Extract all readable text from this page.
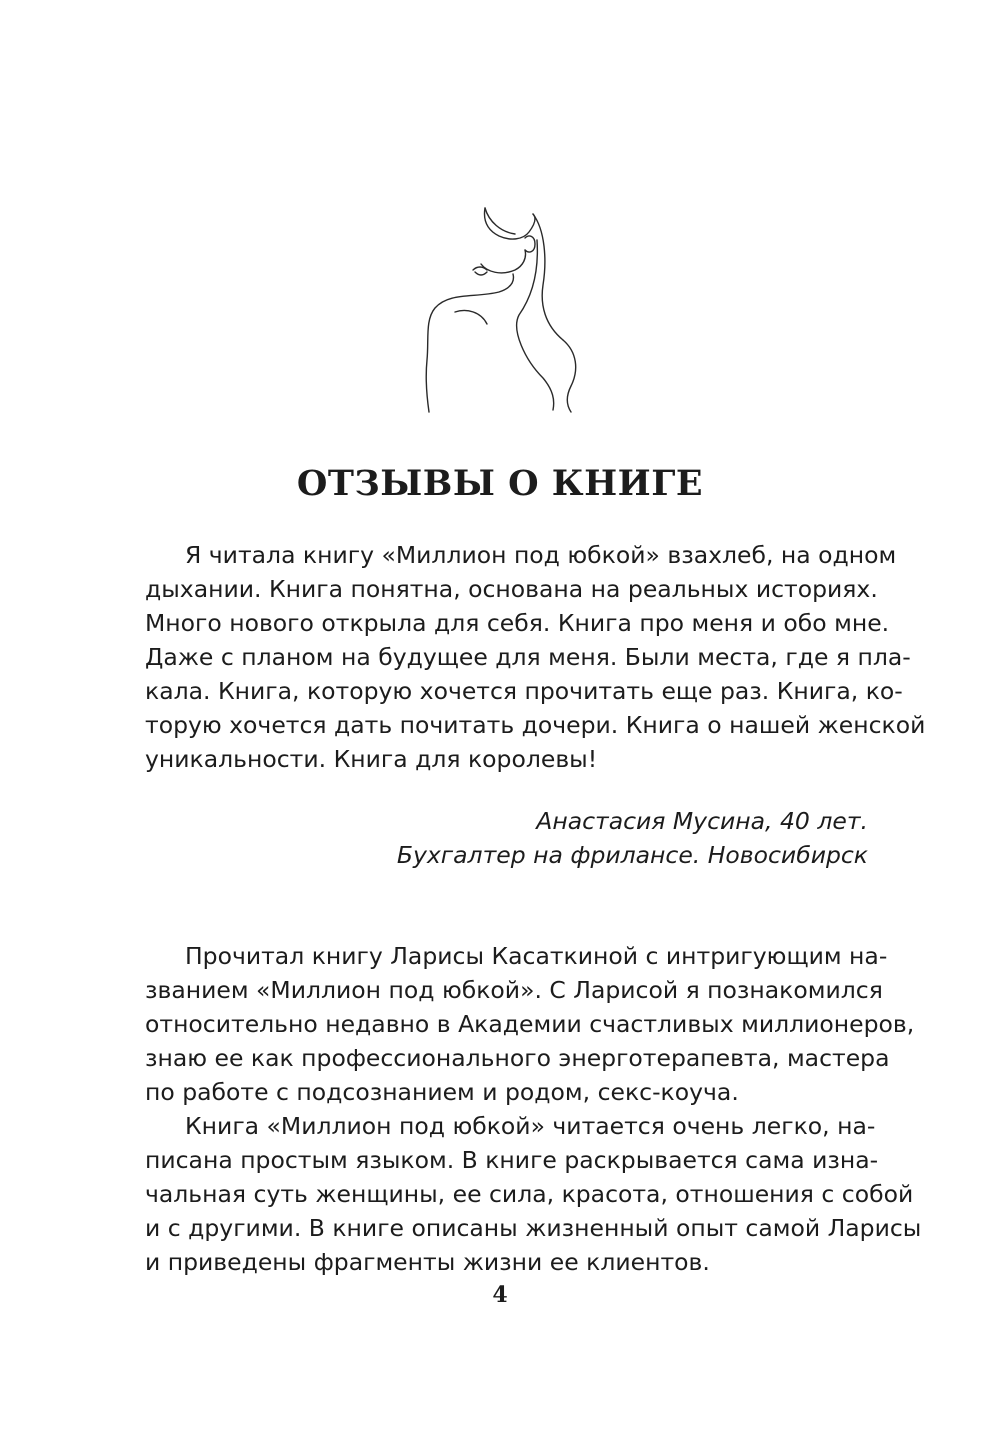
ОТЗЫВЫ О КНИГЕ
Я читала книгу «Миллион под юбкой» взахлеб, на одном
дыхании. Книга понятна, основана на реальных историях.
Много нового открыла для себя. Книга про меня и обо мне.
Даже с планом на будущее для меня. Были места, где я пла-
кала. Книга, которую хочется прочитать еще раз. Книга, ко-
торую хочется дать почитать дочери. Книга о нашей женской
уникальности. Книга для королевы!
Анастасия Мусина, 40 лет.
Бухгалтер на фрилансе. Новосибирск
Прочитал книгу Ларисы Касаткиной с интригующим на-
званием «Миллион под юбкой». С Ларисой я познакомился
относительно недавно в Академии счастливых миллионеров,
знаю ее как профессионального энерготерапевта, мастера
по работе с подсознанием и родом, секс-коуча.
Книга «Миллион под юбкой» читается очень легко, на-
писана простым языком. В книге раскрывается сама изна-
чальная суть женщины, ее сила, красота, отношения с собой
и с другими. В книге описаны жизненный опыт самой Ларисы
и приведены фрагменты жизни ее клиентов.
4
